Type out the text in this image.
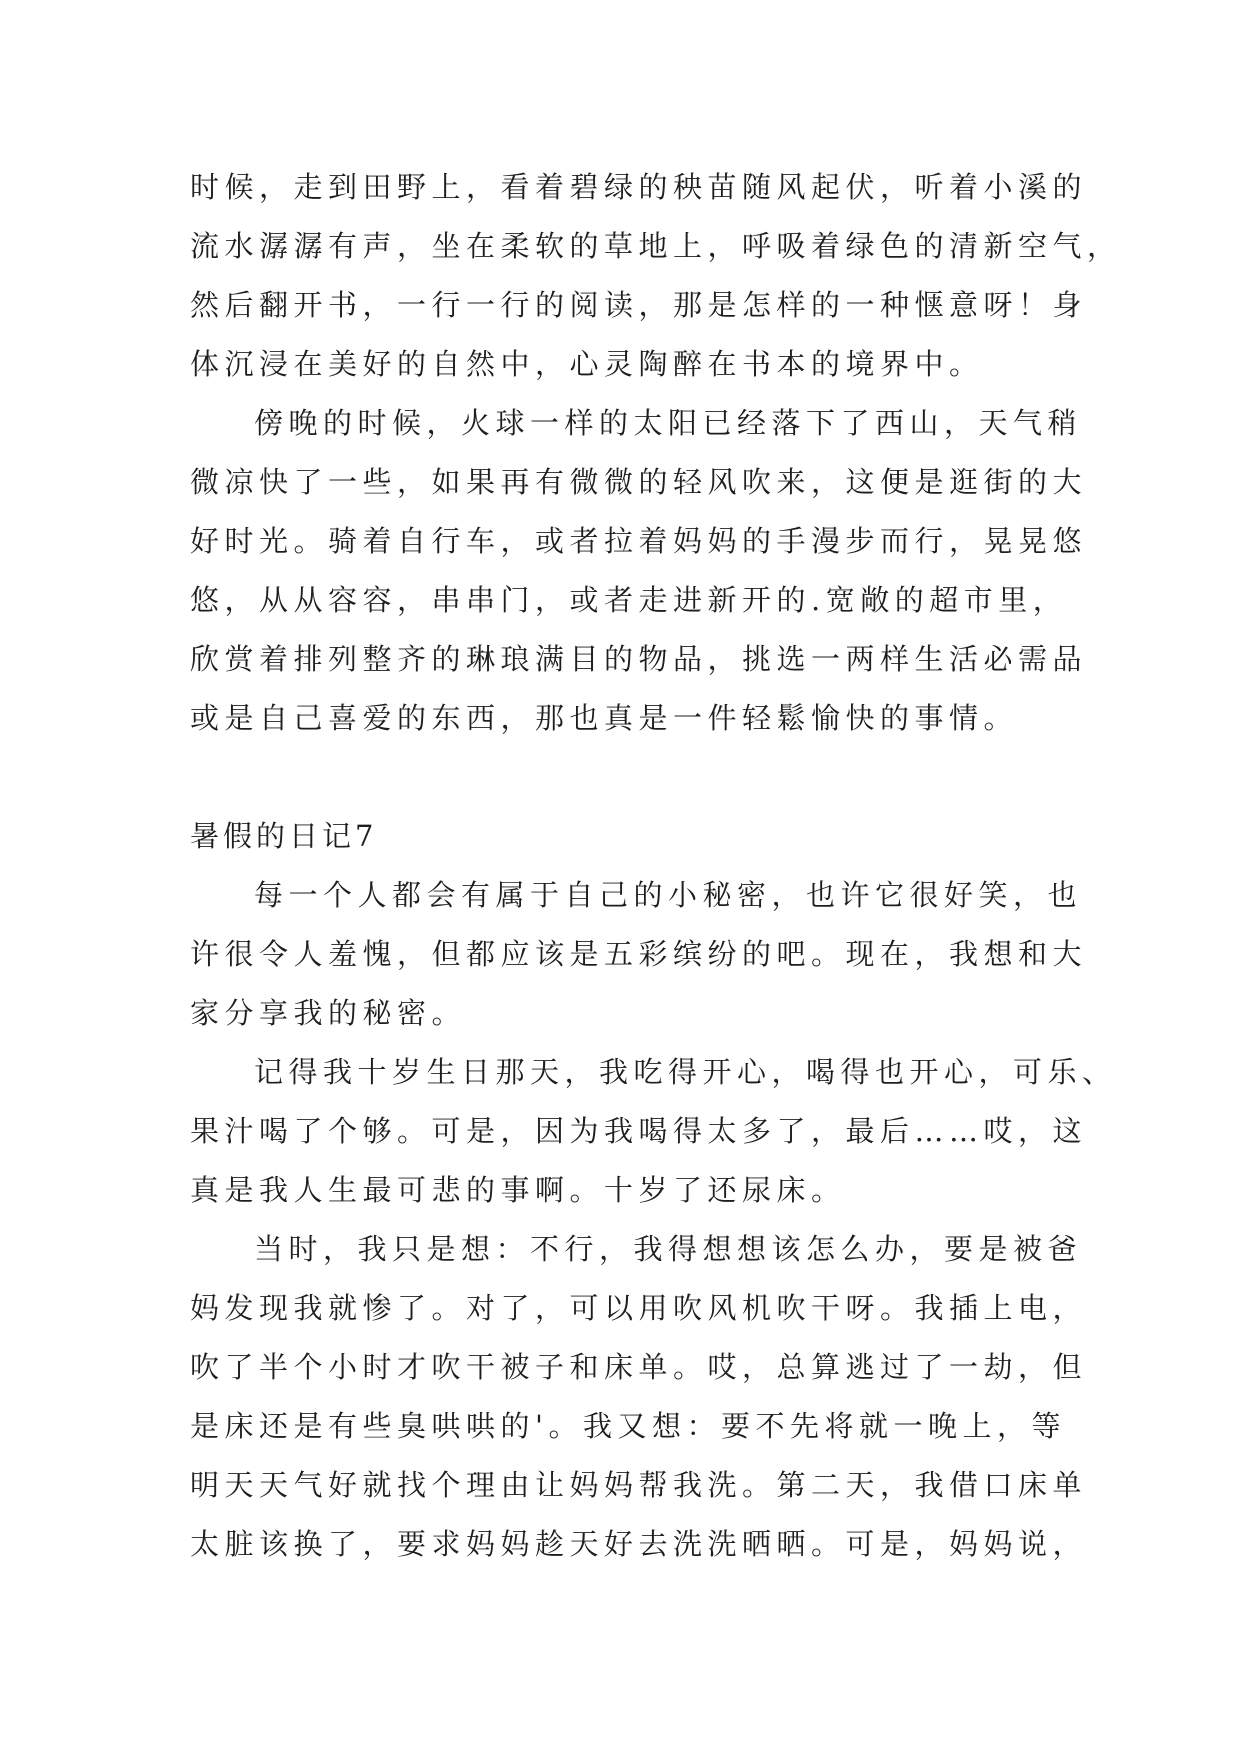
时候，走到田野上，看着碧绿的秧苗随风起伏，听着小溪的
流水潺潺有声，坐在柔软的草地上，呼吸着绿色的清新空气，
然后翻开书，一行一行的阅读，那是怎样的一种惬意呀！身
体沉浸在美好的自然中，心灵陶醉在书本的境界中。
傍晚的时候，火球一样的太阳已经落下了西山，天气稍
微凉快了一些，如果再有微微的轻风吹来，这便是逛街的大
好时光。骑着自行车，或者拉着妈妈的手漫步而行，晃晃悠
悠，从从容容，串串门，或者走进新开的.宽敞的超市里，
欣赏着排列整齐的琳琅满目的物品，挑选一两样生活必需品
或是自己喜爱的东西，那也真是一件轻鬆愉快的事情。
暑假的日记7
每一个人都会有属于自己的小秘密，也许它很好笑，也
许很令人羞愧，但都应该是五彩缤纷的吧。现在，我想和大
家分享我的秘密。
记得我十岁生日那天，我吃得开心，喝得也开心，可乐、
果汁喝了个够。可是，因为我喝得太多了，最后……哎，这
真是我人生最可悲的事啊。十岁了还尿床。
当时，我只是想：不行，我得想想该怎么办，要是被爸
妈发现我就惨了。对了，可以用吹风机吹干呀。我插上电，
吹了半个小时才吹干被子和床单。哎，总算逃过了一劫，但
是床还是有些臭哄哄的'。我又想：要不先将就一晚上，等
明天天气好就找个理由让妈妈帮我洗。第二天，我借口床单
太脏该换了，要求妈妈趁天好去洗洗晒晒。可是，妈妈说，
